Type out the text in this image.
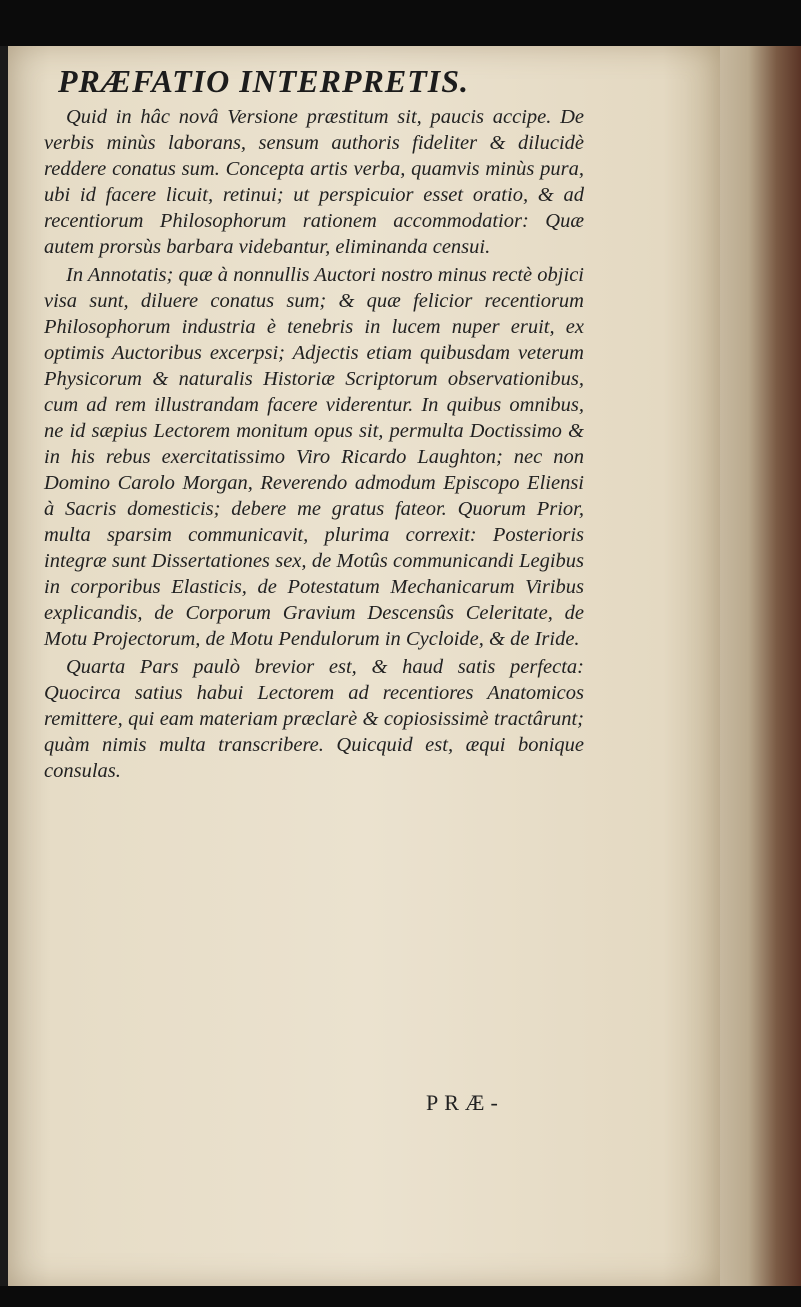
PRÆFATIO INTERPRETIS.

Quid in hâc novâ Versione præstitum sit, paucis accipe. De verbis minùs laborans, sensum authoris fideliter & dilucidè reddere conatus sum. Concepta artis verba, quamvis minùs pura, ubi id facere licuit, retinui; ut perspicuior esset oratio, & ad recentiorum Philosophorum rationem accommodatior: Quæ autem prorsùs barbara videbantur, eliminanda censui.

In Annotatis; quæ à nonnullis Auctori nostro minus rectè objici visa sunt, diluere conatus sum; & quæ felicior recentiorum Philosophorum industria è tenebris in lucem nuper eruit, ex optimis Auctoribus excerpsi; Adjectis etiam quibusdam veterum Physicorum & naturalis Historiæ Scriptorum observationibus, cum ad rem illustrandam facere viderentur. In quibus omnibus, ne id sæpius Lectorem monitum opus sit, permulta Doctissimo & in his rebus exercitatissimo Viro Ricardo Laughton; nec non Domino Carolo Morgan, Reverendo admodum Episcopo Eliensi à Sacris domesticis; debere me gratus fateor. Quorum Prior, multa sparsim communicavit, plurima correxit: Posterioris integræ sunt Dissertationes sex, de Motûs communicandi Legibus in corporibus Elasticis, de Potestatum Mechanicarum Viribus explicandis, de Corporum Gravium Descensûs Celeritate, de Motu Projectorum, de Motu Pendulorum in Cycloide, & de Iride.

Quarta Pars paulò brevior est, & haud satis perfecta: Quocirca satius habui Lectorem ad recentiores Anatomicos remittere, qui eam materiam præclarè & copiosissimè tractârunt; quàm nimis multa transcribere. Quicquid est, æqui bonique consulas.

PRÆ-
